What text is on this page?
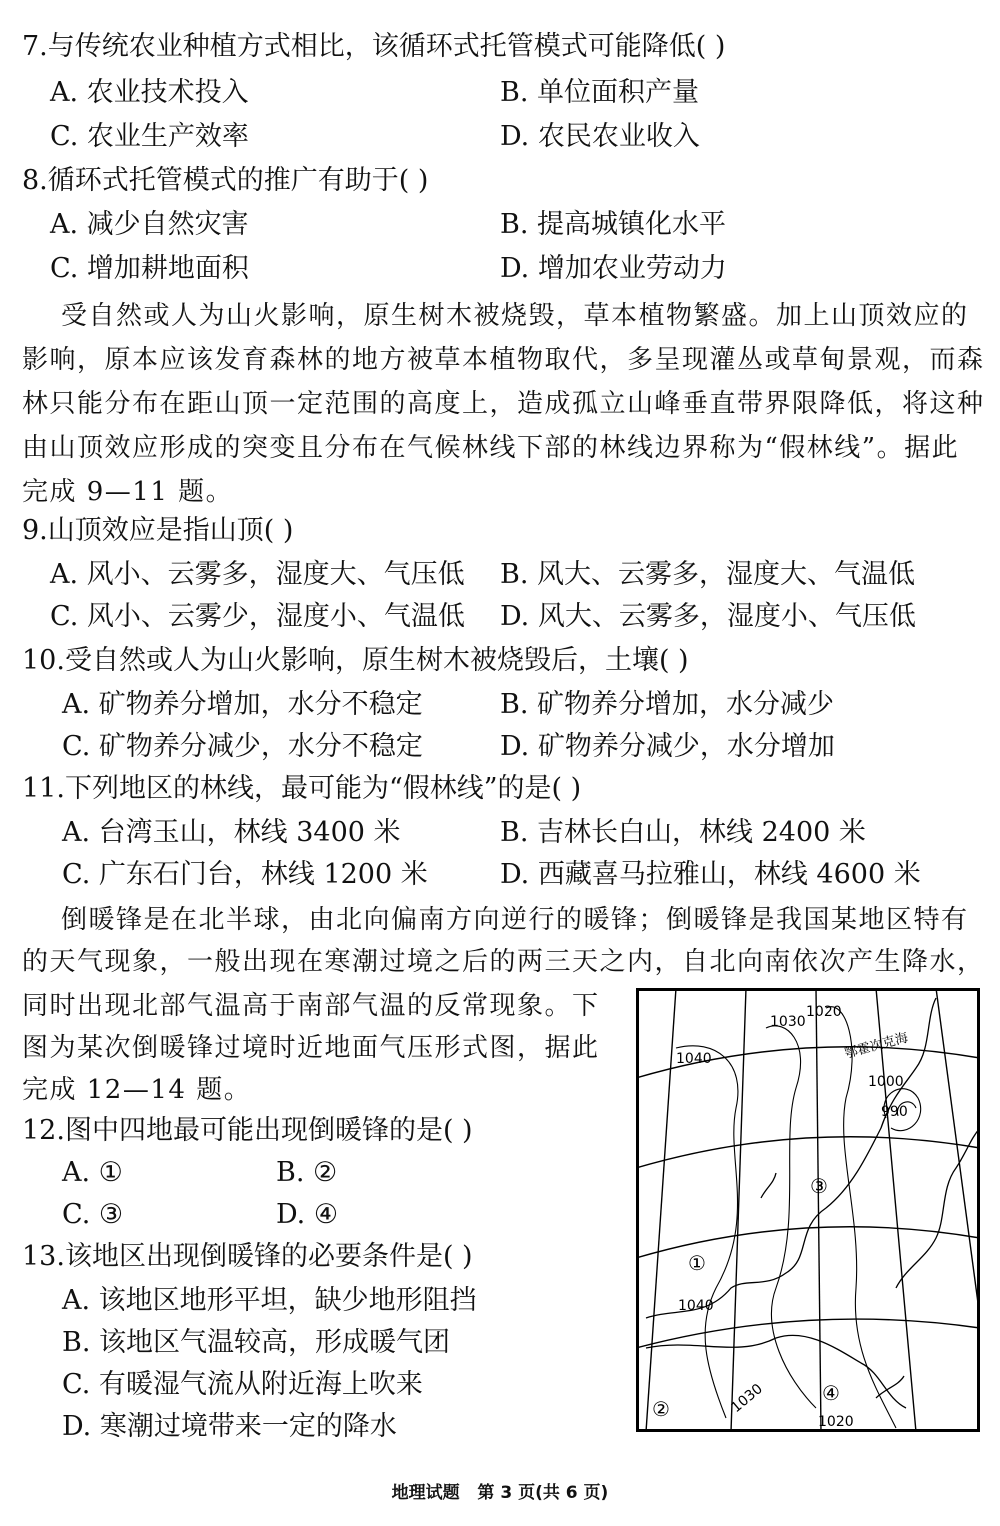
7.与传统农业种植方式相比，该循环式托管模式可能降低( )
A. 农业技术投入	B. 单位面积产量
C. 农业生产效率	D. 农民农业收入
8.循环式托管模式的推广有助于( )
A. 减少自然灾害	B. 提高城镇化水平
C. 增加耕地面积	D. 增加农业劳动力
受自然或人为山火影响，原生树木被烧毁，草本植物繁盛。加上山顶效应的
影响，原本应该发育森林的地方被草本植物取代，多呈现灌丛或草甸景观，而森
林只能分布在距山顶一定范围的高度上，造成孤立山峰垂直带界限降低，将这种
由山顶效应形成的突变且分布在气候林线下部的林线边界称为“假林线”。据此
完成 9—11 题。
9.山顶效应是指山顶( )
A. 风小、云雾多，湿度大、气压低 B. 风大、云雾多，湿度大、气温低
C. 风小、云雾少，湿度小、气温低 D. 风大、云雾多，湿度小、气压低
10.受自然或人为山火影响，原生树木被烧毁后，土壤( )
A. 矿物养分增加，水分不稳定	B. 矿物养分增加，水分减少
C. 矿物养分减少，水分不稳定	D. 矿物养分减少，水分增加
11.下列地区的林线，最可能为“假林线”的是( )
A. 台湾玉山，林线 3400 米	B. 吉林长白山，林线 2400 米
C. 广东石门台，林线 1200 米	D. 西藏喜马拉雅山，林线 4600 米
倒暖锋是在北半球，由北向偏南方向逆行的暖锋；倒暖锋是我国某地区特有
的天气现象，一般出现在寒潮过境之后的两三天之内，自北向南依次产生降水，
同时出现北部气温高于南部气温的反常现象。下
图为某次倒暖锋过境时近地面气压形式图，据此
完成 12—14 题。
12.图中四地最可能出现倒暖锋的是( )
A. ①	B. ②
C. ③	D. ④
13.该地区出现倒暖锋的必要条件是( )
A. 该地区地形平坦，缺少地形阻挡
B. 该地区气温较高，形成暖气团
C. 有暖湿气流从附近海上吹来
D. 寒潮过境带来一定的降水
1040
1030
1020
1000
990
1040
1030
1020
鄂霍次克海
①
②
③
④
地理试题   第 3 页(共 6 页)
